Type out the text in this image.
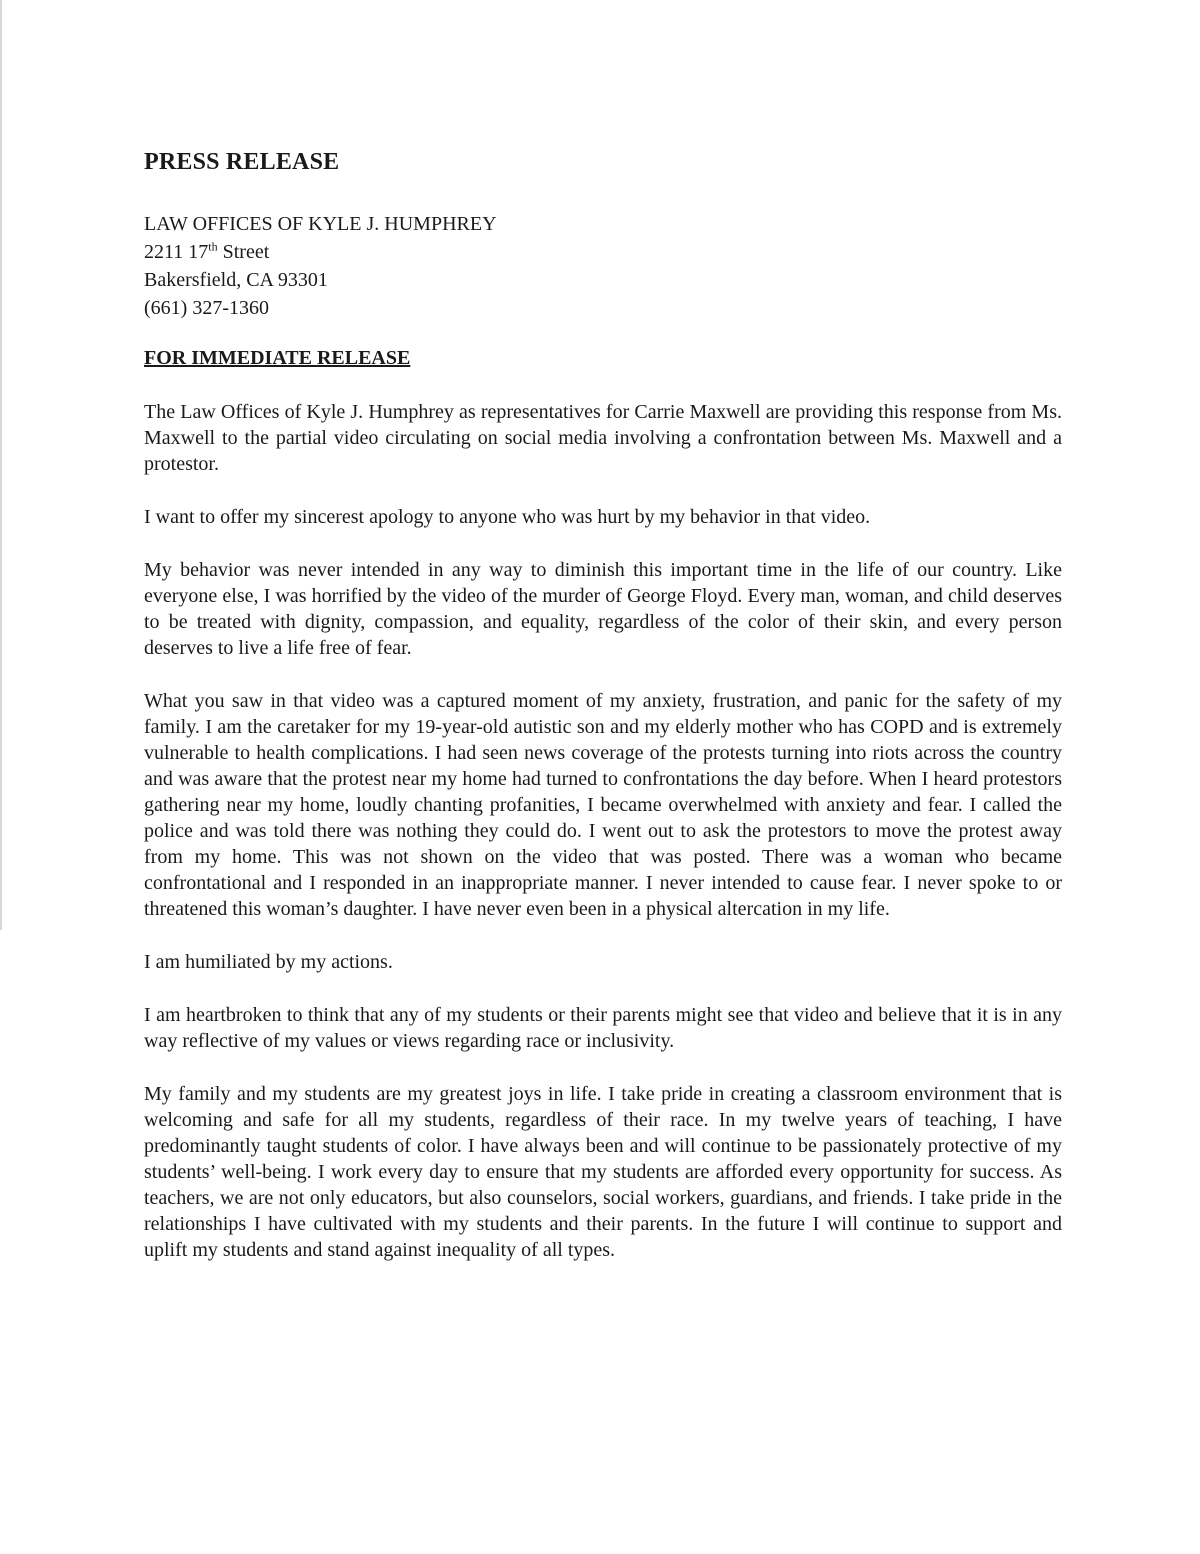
PRESS RELEASE
LAW OFFICES OF KYLE J. HUMPHREY
2211 17th Street
Bakersfield, CA 93301
(661) 327-1360
FOR IMMEDIATE RELEASE

The Law Offices of Kyle J. Humphrey as representatives for Carrie Maxwell are providing this response from Ms. Maxwell to the partial video circulating on social media involving a confrontation between Ms. Maxwell and a protestor.

I want to offer my sincerest apology to anyone who was hurt by my behavior in that video.

My behavior was never intended in any way to diminish this important time in the life of our country. Like everyone else, I was horrified by the video of the murder of George Floyd. Every man, woman, and child deserves to be treated with dignity, compassion, and equality, regardless of the color of their skin, and every person deserves to live a life free of fear.

What you saw in that video was a captured moment of my anxiety, frustration, and panic for the safety of my family. I am the caretaker for my 19-year-old autistic son and my elderly mother who has COPD and is extremely vulnerable to health complications. I had seen news coverage of the protests turning into riots across the country and was aware that the protest near my home had turned to confrontations the day before. When I heard protestors gathering near my home, loudly chanting profanities, I became overwhelmed with anxiety and fear. I called the police and was told there was nothing they could do. I went out to ask the protestors to move the protest away from my home. This was not shown on the video that was posted. There was a woman who became confrontational and I responded in an inappropriate manner. I never intended to cause fear. I never spoke to or threatened this woman’s daughter. I have never even been in a physical altercation in my life.

I am humiliated by my actions.

I am heartbroken to think that any of my students or their parents might see that video and believe that it is in any way reflective of my values or views regarding race or inclusivity.

My family and my students are my greatest joys in life. I take pride in creating a classroom environment that is welcoming and safe for all my students, regardless of their race. In my twelve years of teaching, I have predominantly taught students of color. I have always been and will continue to be passionately protective of my students’ well-being. I work every day to ensure that my students are afforded every opportunity for success. As teachers, we are not only educators, but also counselors, social workers, guardians, and friends. I take pride in the relationships I have cultivated with my students and their parents. In the future I will continue to support and uplift my students and stand against inequality of all types.
